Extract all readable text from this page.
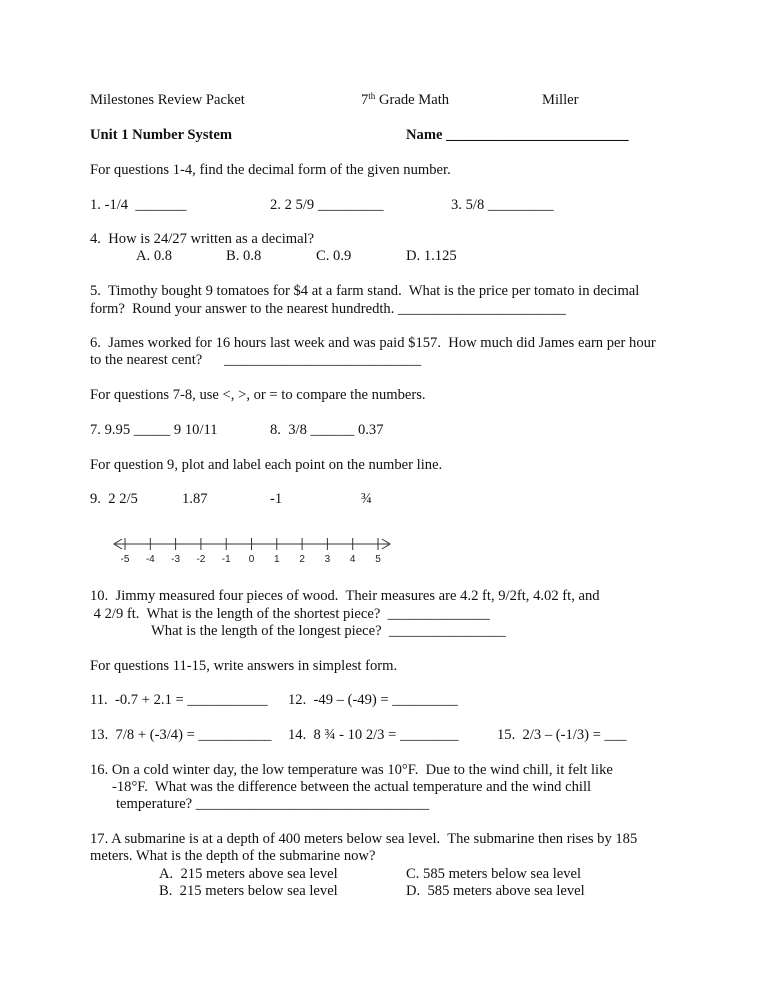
Milestones Review Packet	7th Grade Math	Miller
Unit 1 Number System	Name _________________________
For questions 1-4, find the decimal form of the given number.
1. -1/4  _______	2. 2 5/9 _________	3. 5/8 _________
4.  How is 24/27 written as a decimal?
A. 0.8	B. 0.8	C. 0.9	D. 1.125
5.  Timothy bought 9 tomatoes for $4 at a farm stand.  What is the price per tomato in decimal
form?  Round your answer to the nearest hundredth. _______________________
6.  James worked for 16 hours last week and was paid $157.  How much did James earn per hour
to the nearest cent?      ___________________________
For questions 7-8, use <, >, or = to compare the numbers.
7. 9.95 _____ 9 10/11	8.  3/8 ______ 0.37
For question 9, plot and label each point on the number line.
9.  2 2/5	1.87	-1	¾
-5 -4 -3 -2 -1 0 1 2 3 4 5
10.  Jimmy measured four pieces of wood.  Their measures are 4.2 ft, 9/2ft, 4.02 ft, and
4 2/9 ft.  What is the length of the shortest piece?  ______________
What is the length of the longest piece?  ________________
For questions 11-15, write answers in simplest form.
11.  -0.7 + 2.1 = ___________ 12.  -49 – (-49) = _________
13.  7/8 + (-3/4) = __________ 14.  8 ¾ - 10 2/3 = ________	15.  2/3 – (-1/3) = ___
16. On a cold winter day, the low temperature was 10°F.  Due to the wind chill, it felt like
-18°F.  What was the difference between the actual temperature and the wind chill
temperature? ________________________________
17. A submarine is at a depth of 400 meters below sea level.  The submarine then rises by 185
meters. What is the depth of the submarine now?
A.  215 meters above sea level
B.  215 meters below sea level
C. 585 meters below sea level
D.  585 meters above sea level
